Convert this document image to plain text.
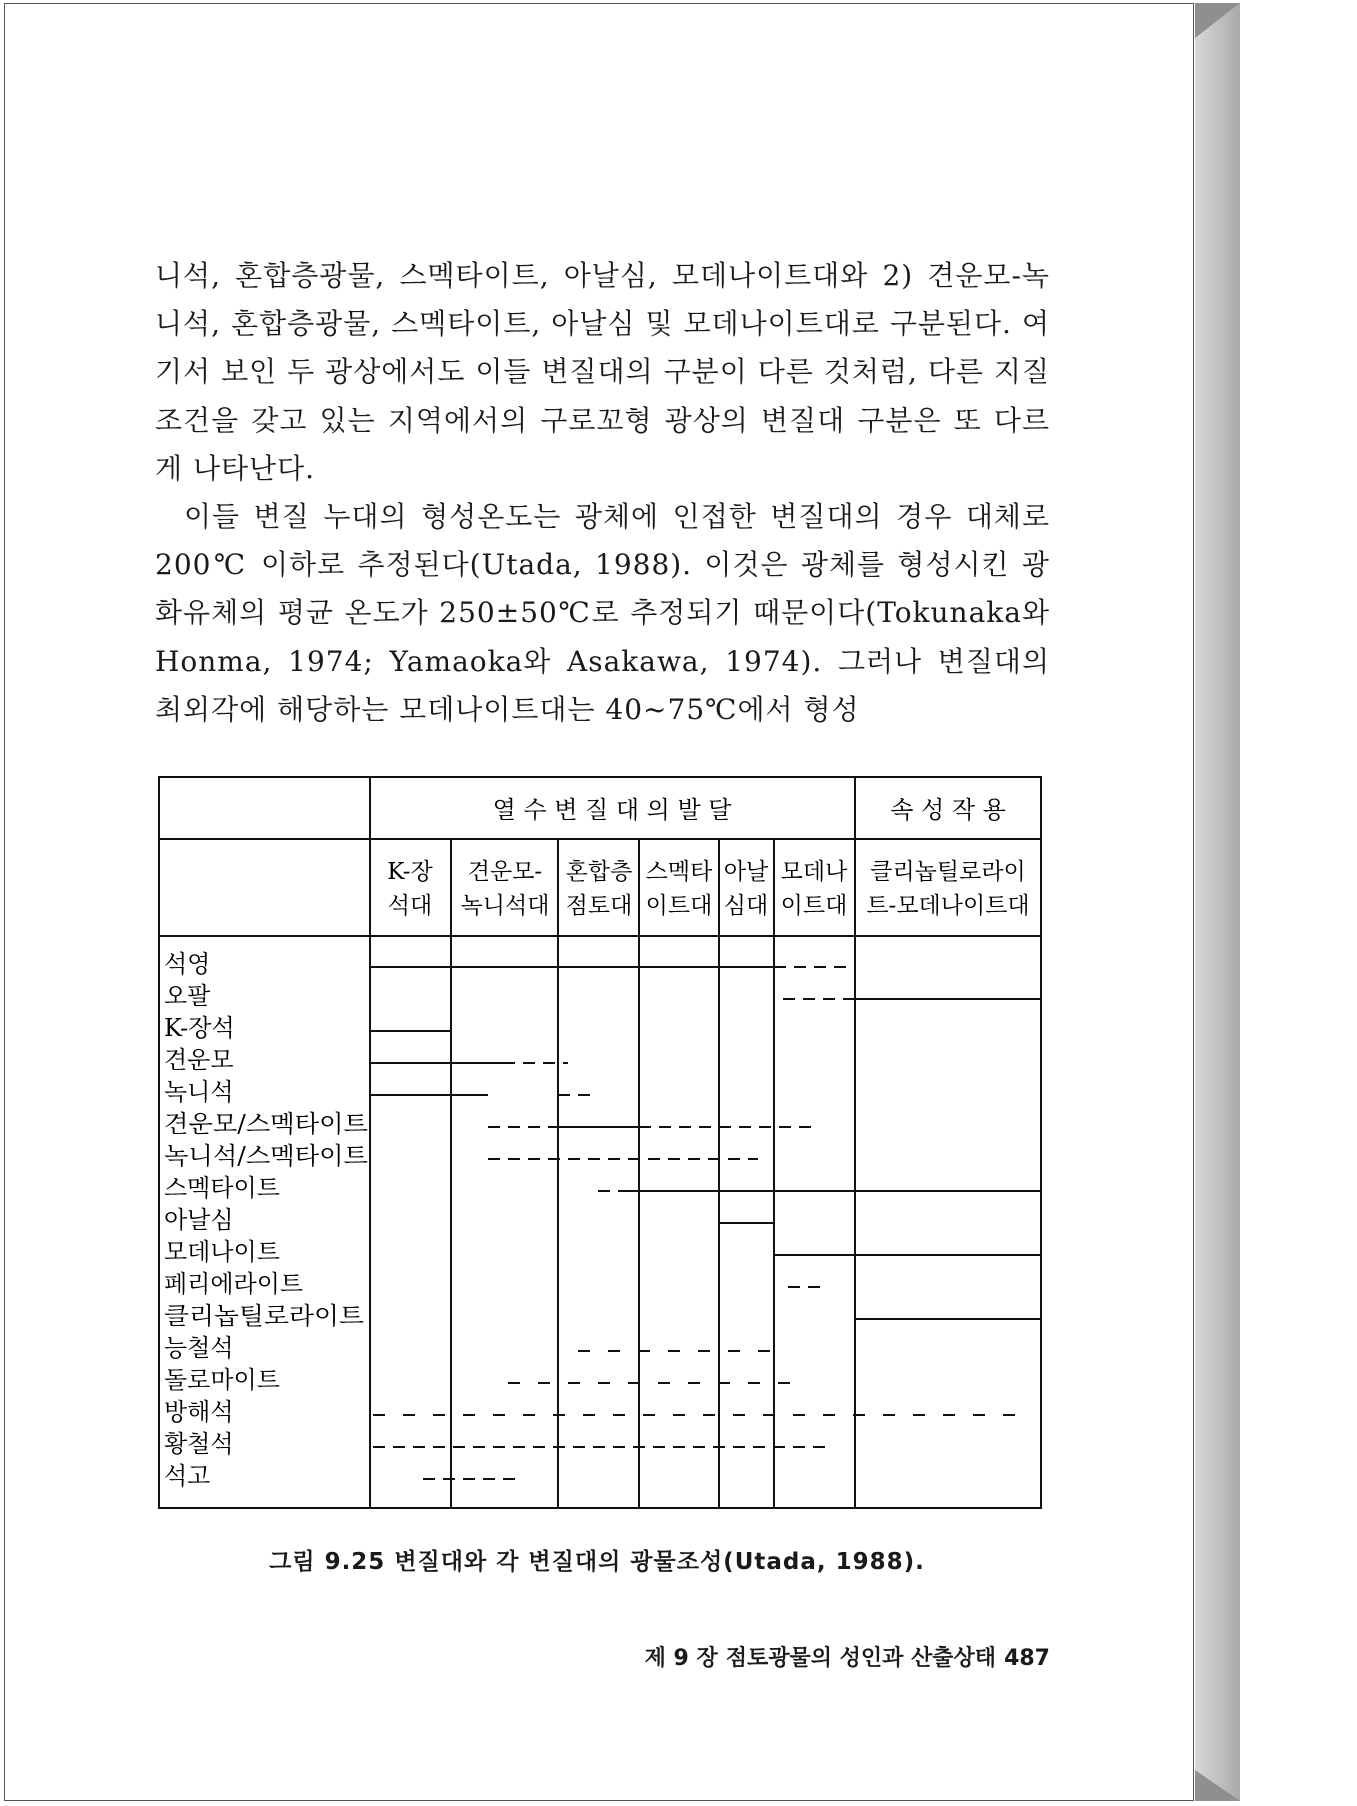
니석, 혼합층광물, 스멕타이트, 아날심, 모데나이트대와 2) 견운모-녹니석, 혼합층광물, 스멕타이트, 아날심 및 모데나이트대로 구분된다. 여기서 보인 두 광상에서도 이들 변질대의 구분이 다른 것처럼, 다른 지질조건을 갖고 있는 지역에서의 구로꼬형 광상의 변질대 구분은 또 다르게 나타난다.

이들 변질 누대의 형성온도는 광체에 인접한 변질대의 경우 대체로 200℃ 이하로 추정된다(Utada, 1988). 이것은 광체를 형성시킨 광화유체의 평균 온도가 250±50℃로 추정되기 때문이다(Tokunaka와 Honma, 1974; Yamaoka와 Asakawa, 1974). 그러나 변질대의 최외각에 해당하는 모데나이트대는 40~75℃에서 형성

열 수 변 질 대 의 발 달	속 성 작 용
K-장
석대
견운모-
녹니석대
혼합층
점토대
스멕타
이트대
아날
심대
모데나
이트대
클리놉틸로라이
트-모데나이트대
석영
오팔
K-장석
견운모
녹니석
견운모/스멕타이트
녹니석/스멕타이트
스멕타이트
아날심
모데나이트
페리에라이트
클리놉틸로라이트
능철석
돌로마이트
방해석
황철석
석고
그림 9.25 변질대와 각 변질대의 광물조성(Utada, 1988).
제 9 장 점토광물의 성인과 산출상태 487
